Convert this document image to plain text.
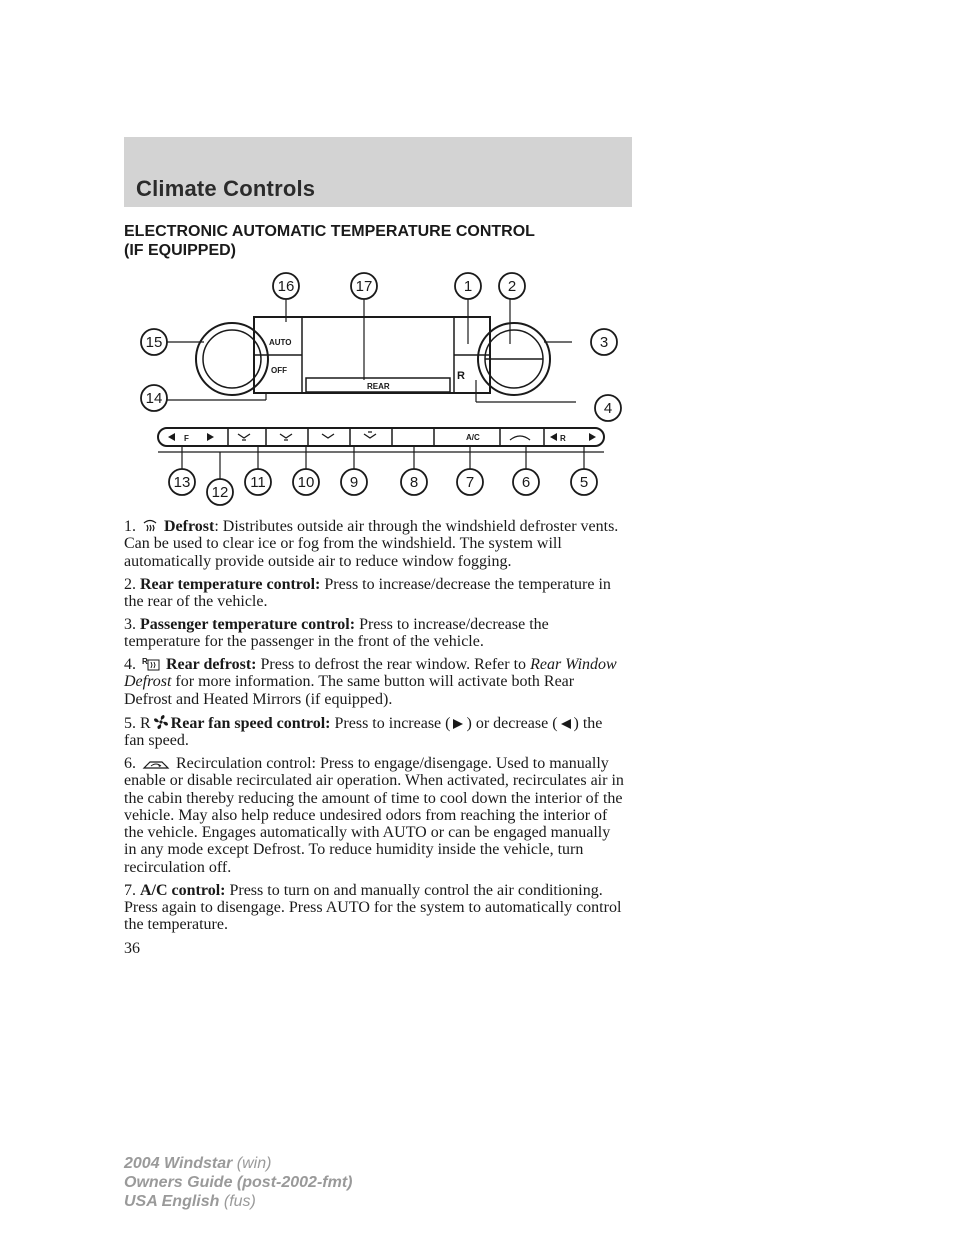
Climate Controls
ELECTRONIC AUTOMATIC TEMPERATURE CONTROL
(IF EQUIPPED)
AUTO
OFF
REAR
A/C
F	R
R
1 2
3
4
5
6
7
8
9
10
11
12
13
14
15
16	17

1. Defrost: Distributes outside air through the windshield defroster vents. Can be used to clear ice or fog from the windshield. The system will automatically provide outside air to reduce window fogging.

2. Rear temperature control: Press to increase/decrease the temperature in the rear of the vehicle.

3. Passenger temperature control: Press to increase/decrease the temperature for the passenger in the front of the vehicle.

4. R Rear defrost: Press to defrost the rear window. Refer to Rear Window Defrost for more information. The same button will activate both Rear Defrost and Heated Mirrors (if equipped).

5. R Rear fan speed control: Press to increase ( ) or decrease ( ) the fan speed.

6.	Recirculation control: Press to engage/disengage. Used to manually enable or disable recirculated air operation. When activated, recirculates air in the cabin thereby reducing the amount of time to cool down the interior of the vehicle. May also help reduce undesired odors from reaching the interior of the vehicle. Engages automatically with AUTO or can be engaged manually in any mode except Defrost. To reduce humidity inside the vehicle, turn recirculation off.

7. A/C control: Press to turn on and manually control the air conditioning. Press again to disengage. Press AUTO for the system to automatically control the temperature.

36
2004 Windstar (win)
Owners Guide (post-2002-fmt)
USA English (fus)
